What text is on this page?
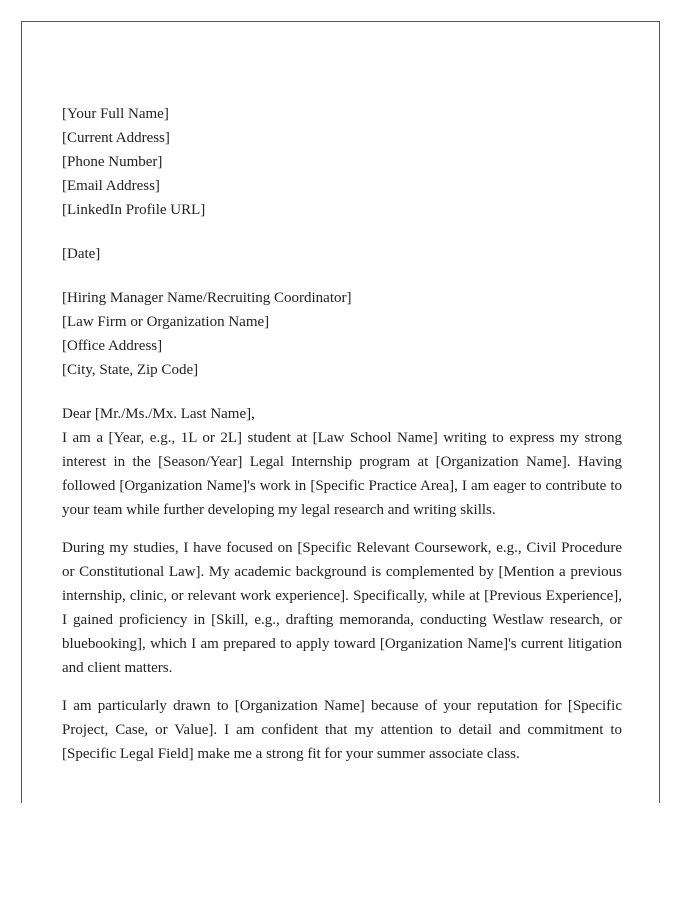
[Your Full Name]
[Current Address]
[Phone Number]
[Email Address]
[LinkedIn Profile URL]
[Date]
[Hiring Manager Name/Recruiting Coordinator]
[Law Firm or Organization Name]
[Office Address]
[City, State, Zip Code]
Dear [Mr./Ms./Mx. Last Name],

I am a [Year, e.g., 1L or 2L] student at [Law School Name] writing to express my strong interest in the [Season/Year] Legal Internship program at [Organization Name]. Having followed [Organization Name]'s work in [Specific Practice Area], I am eager to contribute to your team while further developing my legal research and writing skills.

During my studies, I have focused on [Specific Relevant Coursework, e.g., Civil Procedure or Constitutional Law]. My academic background is complemented by [Mention a previous internship, clinic, or relevant work experience]. Specifically, while at [Previous Experience], I gained proficiency in [Skill, e.g., drafting memoranda, conducting Westlaw research, or bluebooking], which I am prepared to apply toward [Organization Name]'s current litigation and client matters.

I am particularly drawn to [Organization Name] because of your reputation for [Specific Project, Case, or Value]. I am confident that my attention to detail and commitment to [Specific Legal Field] make me a strong fit for your summer associate class.
